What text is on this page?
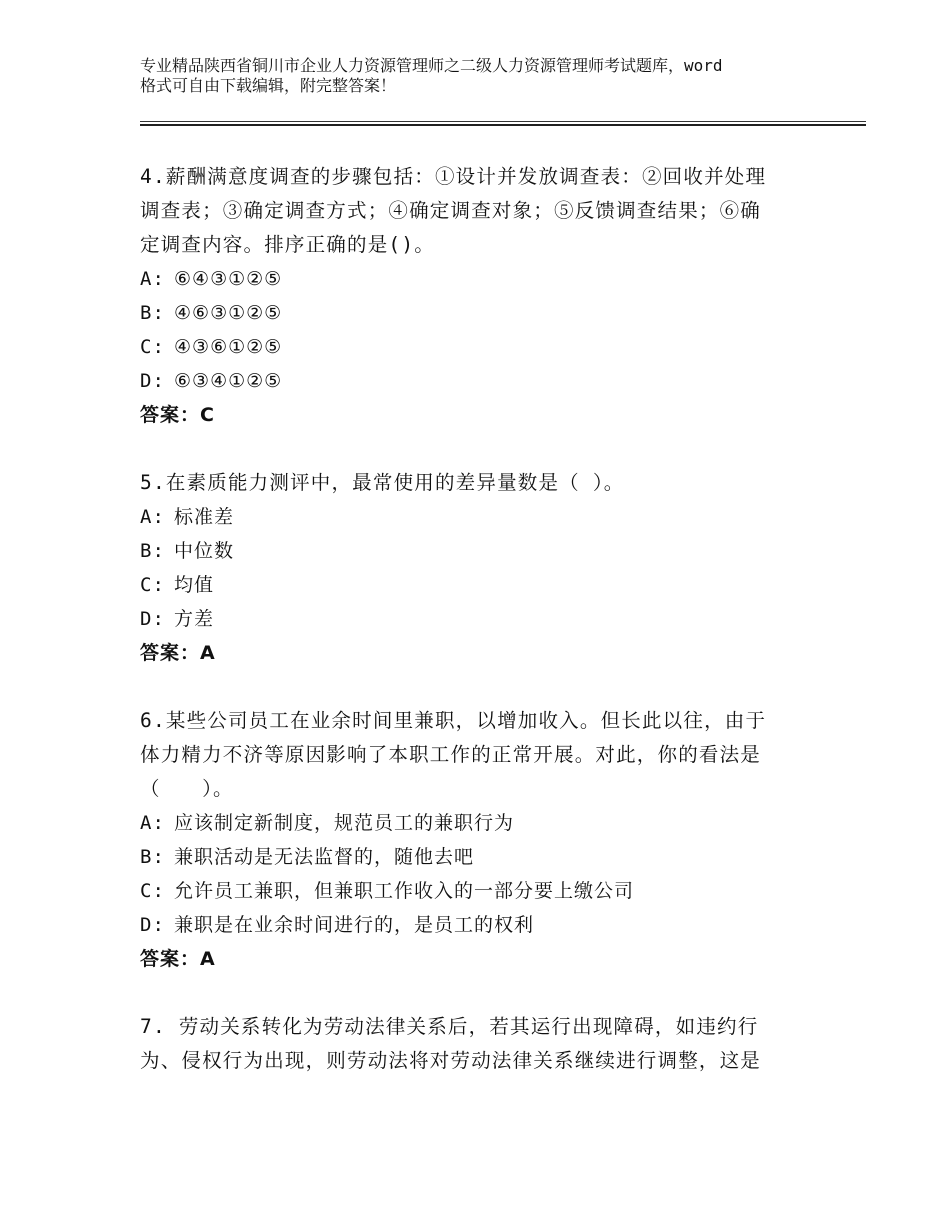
专业精品陕西省铜川市企业人力资源管理师之二级人力资源管理师考试题库，word
格式可自由下载编辑，附完整答案！
4.薪酬满意度调查的步骤包括：①设计并发放调查表：②回收并处理
调查表；③确定调查方式；④确定调查对象；⑤反馈调查结果；⑥确
定调查内容。排序正确的是()。
A: ⑥④③①②⑤
B: ④⑥③①②⑤
C: ④③⑥①②⑤
D: ⑥③④①②⑤
答案：C
5.在素质能力测评中，最常使用的差异量数是（ ）。
A: 标准差
B: 中位数
C: 均值
D: 方差
答案：A
6.某些公司员工在业余时间里兼职，以增加收入。但长此以往，由于
体力精力不济等原因影响了本职工作的正常开展。对此，你的看法是
（　　）。
A: 应该制定新制度，规范员工的兼职行为
B: 兼职活动是无法监督的，随他去吧
C: 允许员工兼职，但兼职工作收入的一部分要上缴公司
D: 兼职是在业余时间进行的，是员工的权利
答案：A
7. 劳动关系转化为劳动法律关系后，若其运行出现障碍，如违约行
为、侵权行为出现，则劳动法将对劳动法律关系继续进行调整，这是
